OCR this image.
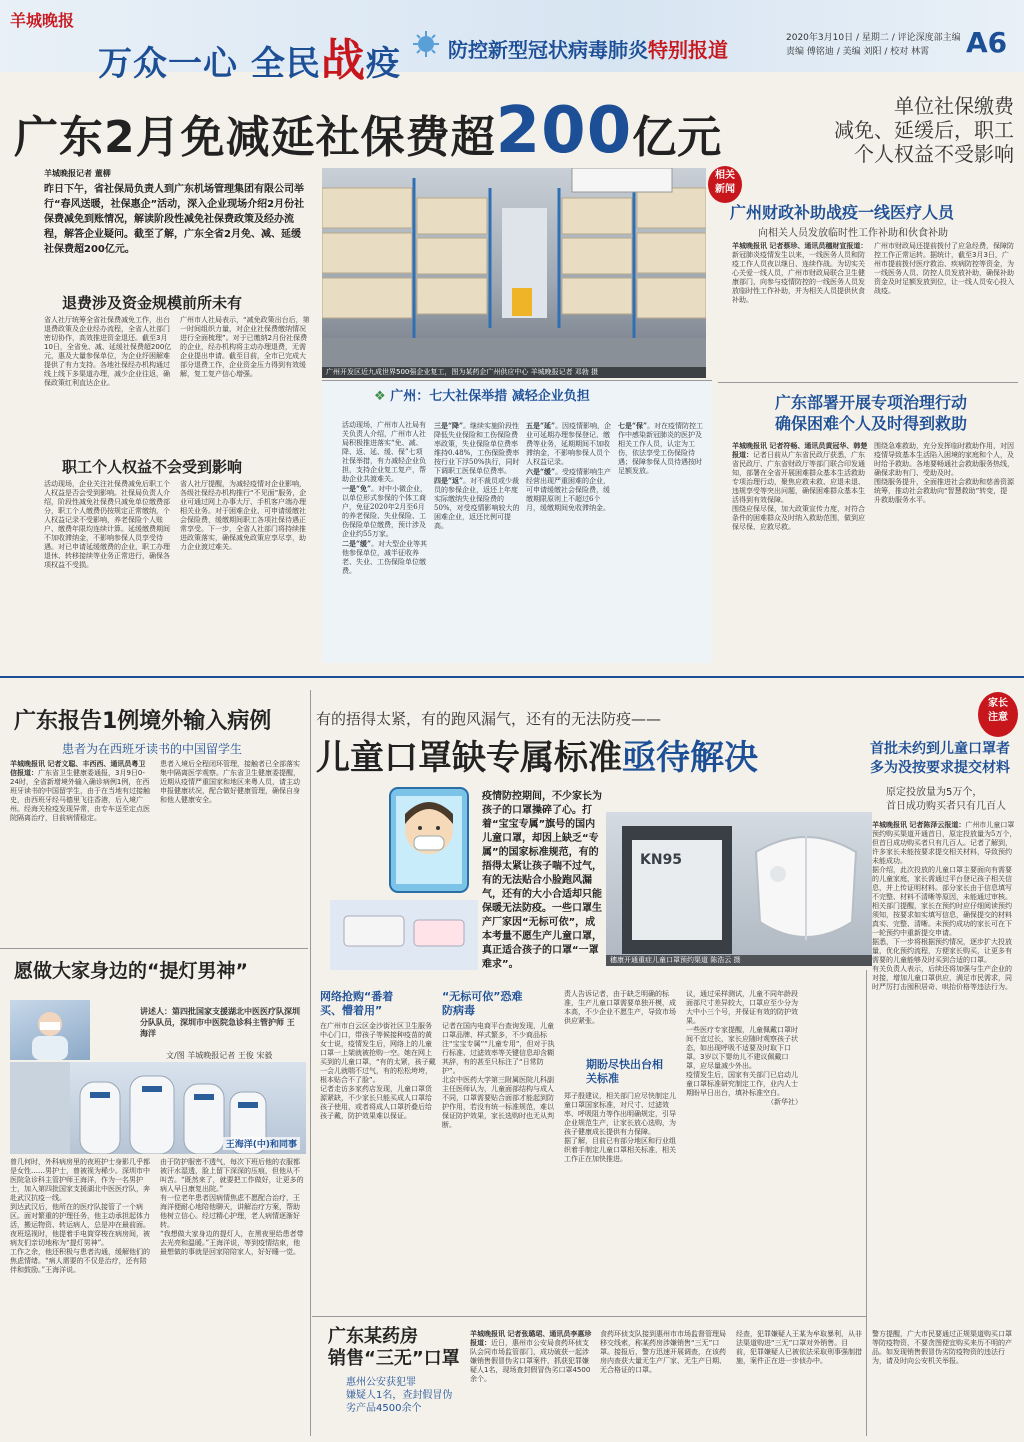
羊城晚报
万众一心 全民战疫 防控新型冠状病毒肺炎特别报道	2020年3月10日 / 星期二 / 评论深度部主编
责编 傅铭迪 / 美编 刘阳 / 校对 林霄 A6
广东2月免减延社保费超200亿元
单位社保缴费
减免、延缓后，职工
个人权益不受影响
羊城晚报记者 董柳
昨日下午，省社保局负责人到广东机场管理集团有限公司举行“春风送暖，社保惠企”活动，深入企业现场介绍2月份社保费减免到账情况，解读阶段性减免社保费政策及经办流程，解答企业疑问。截至了解，广东全省2月免、减、延缓社保费超200亿元。
退费涉及资金规模前所未有

省人社厅统筹全省社保费减免工作，出台退费政策及企业经办流程，全省人社部门密切协作，高效推进资金退还。截至3月10日，全省免、减、延缓社保费超200亿元，惠及大量参保单位，为企业纾困解难提供了有力支持。各地社保经办机构通过线上线下多渠道办理，减少企业往返，确保政策红利直达企业。

广州市人社局表示，“减免政策出台后，第一时间组织力量，对企业社保费缴纳情况进行全面梳理”。对于已缴纳2月份社保费的企业，经办机构将主动办理退费，无需企业提出申请。截至目前，全市已完成大部分退费工作，企业资金压力得到有效缓解，复工复产信心增强。

职工个人权益不会受到影响

活动现场，企业关注社保费减免后职工个人权益是否会受到影响。社保局负责人介绍，阶段性减免社保费只减免单位缴费部分，职工个人缴费仍按规定正常缴纳，个人权益记录不受影响，养老保险个人账户、缴费年限均连续计算。延缓缴费期间不加收滞纳金，不影响参保人员享受待遇。对已申请延缓缴费的企业，职工办理退休、转移接续等业务正常进行，确保各项权益不受损。

省人社厅提醒，为减轻疫情对企业影响，各级社保经办机构推行“不见面”服务，企业可通过网上办事大厅、手机客户端办理相关业务。对于困难企业，可申请缓缴社会保险费，缓缴期间职工各项社保待遇正常享受。下一步，全省人社部门将持续推进政策落实，确保减免政策应享尽享，助力企业渡过难关。

广州开发区近九成世界500强企业复工，图为某药企广州供应中心 羊城晚报记者 邓勃 摄
❖ 广州：七大社保举措 减轻企业负担

活动现场，广州市人社局有关负责人介绍，广州市人社局积极推进落实“免、减、降、返、延、缓、保”七项社保举措，有力减轻企业负担，支持企业复工复产，帮助企业共渡难关。

一是“免”。对中小微企业，以单位形式参保的个体工商户，免征2020年2月至6月的养老保险、失业保险、工伤保险单位缴费，预计涉及企业约55万家。

二是“缓”。对大型企业等其他参保单位，减半征收养老、失业、工伤保险单位缴费。

三是“降”。继续实施阶段性降低失业保险和工伤保险费率政策，失业保险单位费率维持0.48%，工伤保险费率按行业下浮50%执行，同时下调职工医保单位费率。

四是“返”。对不裁员或少裁员的参保企业，返还上年度实际缴纳失业保险费的50%，对受疫情影响较大的困难企业，返还比例可提高。

五是“延”。因疫情影响，企业可延期办理参保登记、缴费等业务，延期期间不加收滞纳金，不影响参保人员个人权益记录。

六是“缓”。受疫情影响生产经营出现严重困难的企业，可申请缓缴社会保险费，缓缴期限原则上不超过6个月，缓缴期间免收滞纳金。

七是“保”。对在疫情防控工作中感染新冠肺炎的医护及相关工作人员，认定为工伤，依法享受工伤保险待遇；保障参保人员待遇按时足额发放。

相关
新闻
广州财政补助战疫一线医疗人员
向相关人员发放临时性工作补助和伙食补助

羊城晚报讯 记者蔡珍、通讯员穗财宣报道：新冠肺炎疫情发生以来，一线医务人员和防疫工作人员夜以继日、连续作战。为切实关心关爱一线人员，广州市财政局联合卫生健康部门，向参与疫情防控的一线医务人员发放临时性工作补助，并为相关人员提供伙食补助。

广州市财政局还提前拨付了应急经费，保障防控工作正常运转。据统计，截至3月3日，广州市提前拨付医疗救治、疾病防控等资金，为一线医务人员、防控人员发放补助，确保补助资金及时足额发放到位，让一线人员安心投入战疫。

广东部署开展专项治理行动
确保困难个人及时得到救助

羊城晚报讯 记者符畅、通讯员黄冠华、韩楚报道：记者日前从广东省民政厅获悉，广东省民政厅、广东省财政厅等部门联合印发通知，部署在全省开展困难群众基本生活救助专项治理行动，聚焦应救未救、应退未退、违规享受等突出问题，确保困难群众基本生活得到有效保障。

围绕应保尽保，加大政策宣传力度，对符合条件的困难群众及时纳入救助范围，做到应保尽保、应救尽救。

围绕急难救助，充分发挥临时救助作用，对因疫情导致基本生活陷入困境的家庭和个人，及时给予救助。各地要畅通社会救助服务热线，确保求助有门、受助及时。

围绕服务提升，全面推进社会救助和慈善资源统筹，推动社会救助向“智慧救助”转变，提升救助服务水平。

广东报告1例境外输入病例
患者为在西班牙读书的中国留学生

羊城晚报讯 记者文聪、丰西西、通讯员粤卫信报道：广东省卫生健康委通报，3月9日0-24时，全省新增境外输入确诊病例1例，在西班牙读书的中国留学生，由于在当地有过接触史，由西班牙经马德里飞往香港，后入境广州。经海关检疫发现异常，由专车送至定点医院隔离治疗，目前病情稳定。

患者入境后全程闭环管理，接触者已全部落实集中隔离医学观察。广东省卫生健康委提醒，近期从疫情严重国家和地区来粤人员，请主动申报健康状况，配合做好健康管理，确保自身和他人健康安全。

愿做大家身边的“提灯男神”
讲述人：第四批国家支援湖北中医医疗队深圳分队队员，深圳市中医院急诊科主管护师 王海洋
文/图 羊城晚报记者 王俊 宋毅
王海洋(中)和同事

曾几何时，外科病房里的夜班护士身影几乎都是女性……男护士，曾被视为稀少。深圳市中医院急诊科主管护师王海洋，作为一名男护士，加入第四批国家支援湖北中医医疗队，奔赴武汉抗疫一线。

到达武汉后，他所在的医疗队接管了一个病区。面对繁重的护理任务，他主动承担起体力活，搬运物资、转运病人，总是冲在最前面。夜班巡视时，他提着手电筒穿梭在病房间，被病友们亲切地称为“提灯男神”。

工作之余，他还积极与患者沟通，缓解他们的焦虑情绪。“病人需要的不仅是治疗，还有陪伴和鼓励。”王海洋说。

由于防护服密不透气，每次下班后他的衣服都被汗水湿透，脸上留下深深的压痕，但他从不叫苦。“既然来了，就要把工作做好，让更多的病人早日康复出院。”

有一位老年患者因病情焦虑不愿配合治疗，王海洋便耐心地陪他聊天，讲解治疗方案，帮助他树立信心。经过精心护理，老人病情逐渐好转。

“我想做大家身边的提灯人，在黑夜里给患者带去光亮和温暖。”王海洋说，等到疫情结束，他最想做的事就是回家陪陪家人，好好睡一觉。

有的捂得太紧，有的跑风漏气，还有的无法防疫——
儿童口罩缺专属标准亟待解决
疫情防控期间，不少家长为孩子的口罩操碎了心。打着“宝宝专属”旗号的国内儿童口罩，却因上缺乏“专属”的国家标准规范，有的捂得太紧让孩子喘不过气，有的无法贴合小脸跑风漏气，还有的大小合适却只能保暖无法防疫。一些口罩生产厂家因“无标可依”，成本考量不愿生产儿童口罩，真正适合孩子的口罩“一罩难求”。
KN95
穗康开通重症儿童口罩预约渠道 陈浩云 摄
网络抢购“番着
买、懵着用”

在广州市白云区金沙街社区卫生服务中心门口，带孩子等候接种疫苗的黄女士说，疫情发生后，网络上的儿童口罩一上架就被抢购一空。她在网上买到的儿童口罩，“有的太紧，孩子戴一会儿就喘不过气，有的松松垮垮，根本贴合不了脸”。

记者走访多家药店发现，儿童口罩货源紧缺，不少家长只能买成人口罩给孩子使用，或者将成人口罩折叠后给孩子戴，防护效果难以保证。

“无标可依”恐难
防病毒

记者在国内电商平台查询发现，儿童口罩品牌、样式繁多，不少商品标注“宝宝专属”“儿童专用”，但对于执行标准、过滤效率等关键信息却含糊其辞，有的甚至只标注了“日常防护”。

北京中医药大学第三附属医院儿科副主任医师认为，儿童面部结构与成人不同，口罩需要贴合面部才能起到防护作用，若没有统一标准规范，难以保证防护效果，家长选购时也无从判断。

责人告诉记者，由于缺乏明确的标准，生产儿童口罩需要单独开模，成本高，不少企业不愿生产，导致市场供应紧张。

期盼尽快出台相
关标准

郑子殷建议，相关部门应尽快制定儿童口罩国家标准，对尺寸、过滤效率、呼吸阻力等作出明确规定，引导企业规范生产，让家长放心选购，为孩子健康成长提供有力保障。

据了解，目前已有部分地区和行业组织着手制定儿童口罩相关标准，相关工作正在加快推进。

议，通过采样测试，儿童不同年龄段面部尺寸差异较大，口罩应至少分为大中小三个号，并保证有效的防护效果。

一些医疗专家提醒，儿童佩戴口罩时间不宜过长，家长应随时观察孩子状态，如出现呼吸不适要及时取下口罩。3岁以下婴幼儿不建议佩戴口罩，应尽量减少外出。

疫情发生后，国家有关部门已启动儿童口罩标准研究制定工作，业内人士期盼早日出台，填补标准空白。

（新华社）

家长
注意
首批未约到儿童口罩者
多为没按要求提交材料
原定投放量为5万个，
首日成功购买者只有几百人

羊城晚报讯 记者陈泽云报道：广州市儿童口罩预约购买渠道开通首日，原定投放量为5万个，但首日成功购买者只有几百人。记者了解到，许多家长未能按要求提交相关材料，导致预约未能成功。

据介绍，此次投放的儿童口罩主要面向有需要的儿童家庭，家长需通过平台登记孩子相关信息，并上传证明材料。部分家长由于信息填写不完整、材料不清晰等原因，未能通过审核。

相关部门提醒，家长在预约时应仔细阅读预约须知，按要求如实填写信息，确保提交的材料真实、完整、清晰。未预约成功的家长可在下一轮预约中重新提交申请。

据悉，下一步将根据预约情况，逐步扩大投放量，优化预约流程，方便家长购买，让更多有需要的儿童能够及时买到合适的口罩。

有关负责人表示，后续还将加强与生产企业的对接，增加儿童口罩供应，满足市民需求，同时严厉打击囤积居奇、哄抬价格等违法行为。

广东某药房
销售“三无”口罩
惠州公安获犯罪
嫌疑人1名，查封假冒伪
劣产品4500余个

羊城晚报讯 记者张璐珺、通讯员李惠珍报道：近日，惠州市公安局食药环侦支队会同市场监管部门，成功破获一起涉嫌销售假冒伪劣口罩案件，抓获犯罪嫌疑人1名，现场查封假冒伪劣口罩4500余个。

食药环侦支队接到惠州市市场监督管理局移交线索，称某药房涉嫌销售“三无”口罩。接报后，警方迅速开展调查，在该药房内查获大量无生产厂家、无生产日期、无合格证的口罩。

经查，犯罪嫌疑人王某为牟取暴利，从非法渠道购进“三无”口罩对外销售。目前，犯罪嫌疑人已被依法采取刑事强制措施，案件正在进一步侦办中。

警方提醒，广大市民要通过正规渠道购买口罩等防疫物资，不要贪图便宜购买来历不明的产品。如发现销售假冒伪劣防疫物资的违法行为，请及时向公安机关举报。
